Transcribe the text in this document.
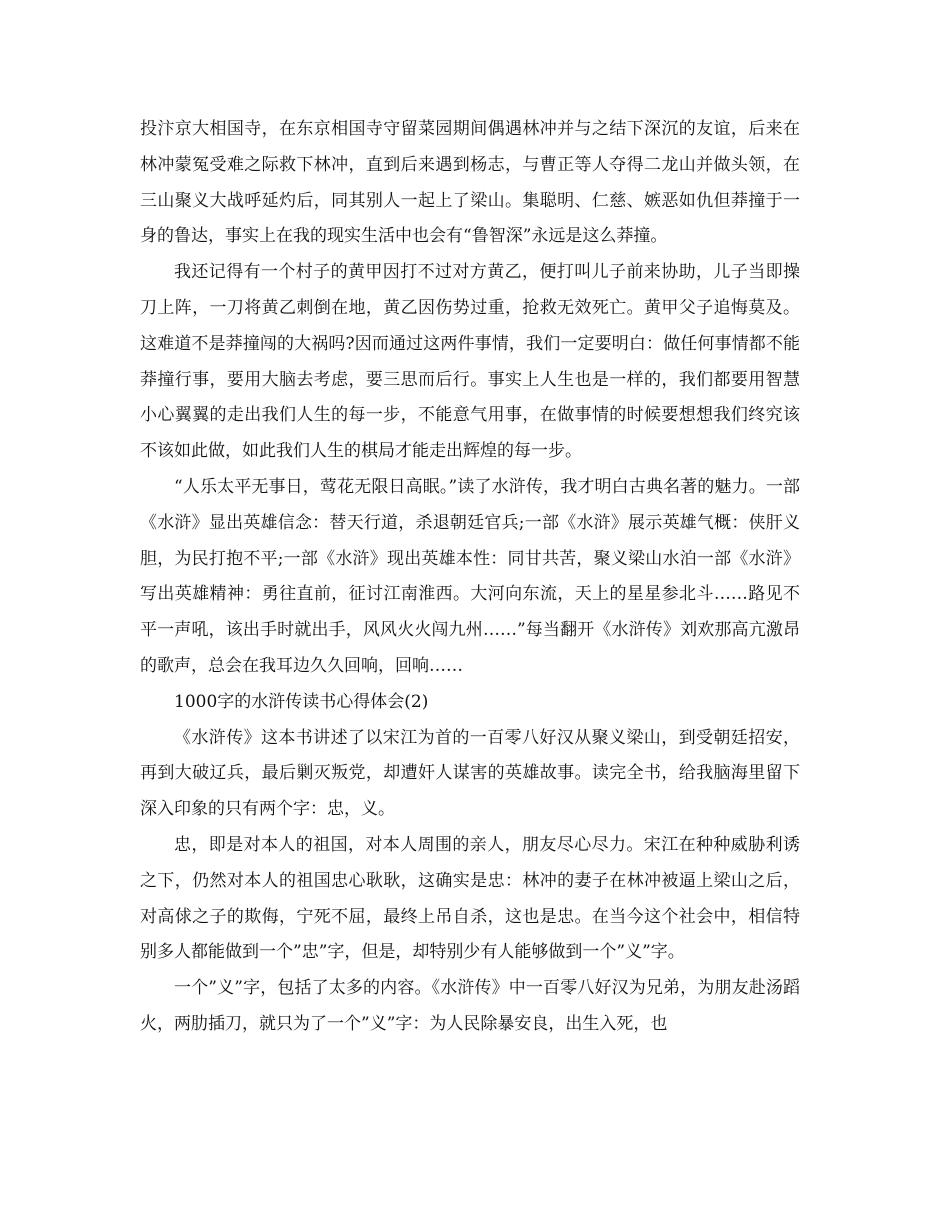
投汴京大相国寺，在东京相国寺守留菜园期间偶遇林冲并与之结下深沉的友谊，后来在林冲蒙冤受难之际救下林冲，直到后来遇到杨志，与曹正等人夺得二龙山并做头领，在三山聚义大战呼延灼后，同其别人一起上了梁山。集聪明、仁慈、嫉恶如仇但莽撞于一身的鲁达，事实上在我的现实生活中也会有“鲁智深”永远是这么莽撞。

我还记得有一个村子的黄甲因打不过对方黄乙，便打叫儿子前来协助，儿子当即操刀上阵，一刀将黄乙刺倒在地，黄乙因伤势过重，抢救无效死亡。黄甲父子追悔莫及。这难道不是莽撞闯的大祸吗?因而通过这两件事情，我们一定要明白：做任何事情都不能莽撞行事，要用大脑去考虑，要三思而后行。事实上人生也是一样的，我们都要用智慧小心翼翼的走出我们人生的每一步，不能意气用事，在做事情的时候要想想我们终究该不该如此做，如此我们人生的棋局才能走出辉煌的每一步。

“人乐太平无事日，莺花无限日高眠。”读了水浒传，我才明白古典名著的魅力。一部《水浒》显出英雄信念：替天行道，杀退朝廷官兵;一部《水浒》展示英雄气概：侠肝义胆，为民打抱不平;一部《水浒》现出英雄本性：同甘共苦，聚义梁山水泊一部《水浒》写出英雄精神：勇往直前，征讨江南淮西。大河向东流，天上的星星参北斗……路见不平一声吼，该出手时就出手，风风火火闯九州……”每当翻开《水浒传》刘欢那高亢激昂的歌声，总会在我耳边久久回响，回响……

1000字的水浒传读书心得体会(2)

《水浒传》这本书讲述了以宋江为首的一百零八好汉从聚义梁山，到受朝廷招安，再到大破辽兵，最后剿灭叛党，却遭奸人谋害的英雄故事。读完全书，给我脑海里留下深入印象的只有两个字：忠，义。

忠，即是对本人的祖国，对本人周围的亲人，朋友尽心尽力。宋江在种种威胁利诱之下，仍然对本人的祖国忠心耿耿，这确实是忠：林冲的妻子在林冲被逼上梁山之后，对高俅之子的欺侮，宁死不屈，最终上吊自杀，这也是忠。在当今这个社会中，相信特别多人都能做到一个”忠”字，但是，却特别少有人能够做到一个”义”字。

一个”义”字，包括了太多的内容。《水浒传》中一百零八好汉为兄弟，为朋友赴汤蹈火，两肋插刀，就只为了一个”义”字：为人民除暴安良，出生入死，也
